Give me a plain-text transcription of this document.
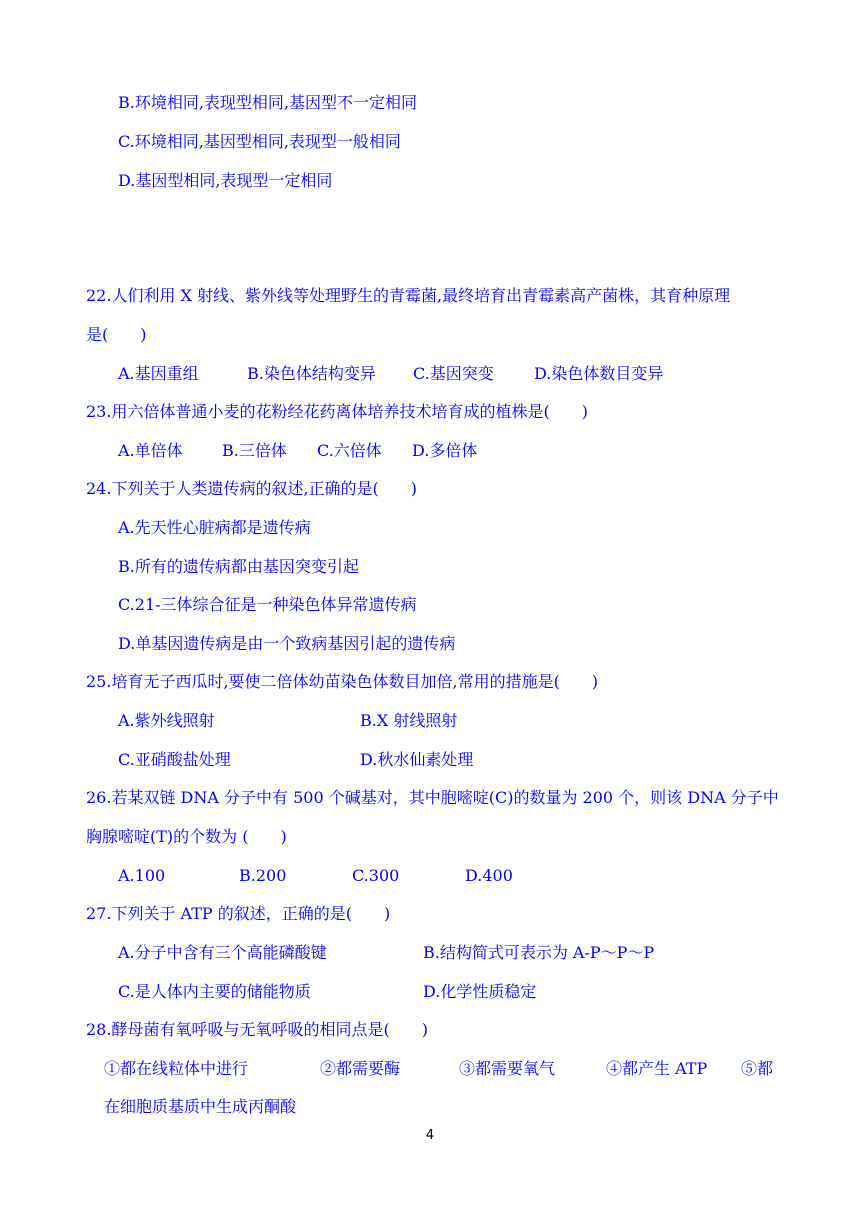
B.环境相同,表现型相同,基因型不一定相同
C.环境相同,基因型相同,表现型一般相同
D.基因型相同,表现型一定相同
22.人们利用 X 射线、紫外线等处理野生的青霉菌,最终培育出青霉素高产菌株，其育种原理
是(　　)
A.基因重组	B.染色体结构变异 C.基因突变	D.染色体数目变异
23.用六倍体普通小麦的花粉经花药离体培养技术培育成的植株是(　　)
A.单倍体 B.三倍体 C.六倍体 D.多倍体
24.下列关于人类遗传病的叙述,正确的是(　　)
A.先天性心脏病都是遗传病
B.所有的遗传病都由基因突变引起
C.21-三体综合征是一种染色体异常遗传病
D.单基因遗传病是由一个致病基因引起的遗传病
25.培育无子西瓜时,要使二倍体幼苗染色体数目加倍,常用的措施是(　　)
A.紫外线照射	B.X 射线照射
C.亚硝酸盐处理	D.秋水仙素处理
26.若某双链 DNA 分子中有 500 个碱基对，其中胞嘧啶(C)的数量为 200 个，则该 DNA 分子中
胸腺嘧啶(T)的个数为 (　　)
A.100	B.200	C.300	D.400
27.下列关于 ATP 的叙述，正确的是(　　)
A.分子中含有三个高能磷酸键	B.结构简式可表示为 A-P～P～P
C.是人体内主要的储能物质	D.化学性质稳定
28.酵母菌有氧呼吸与无氧呼吸的相同点是(　　)
①都在线粒体中进行	②都需要酶	③都需要氧气	④都产生 ATP ⑤都
在细胞质基质中生成丙酮酸
4
